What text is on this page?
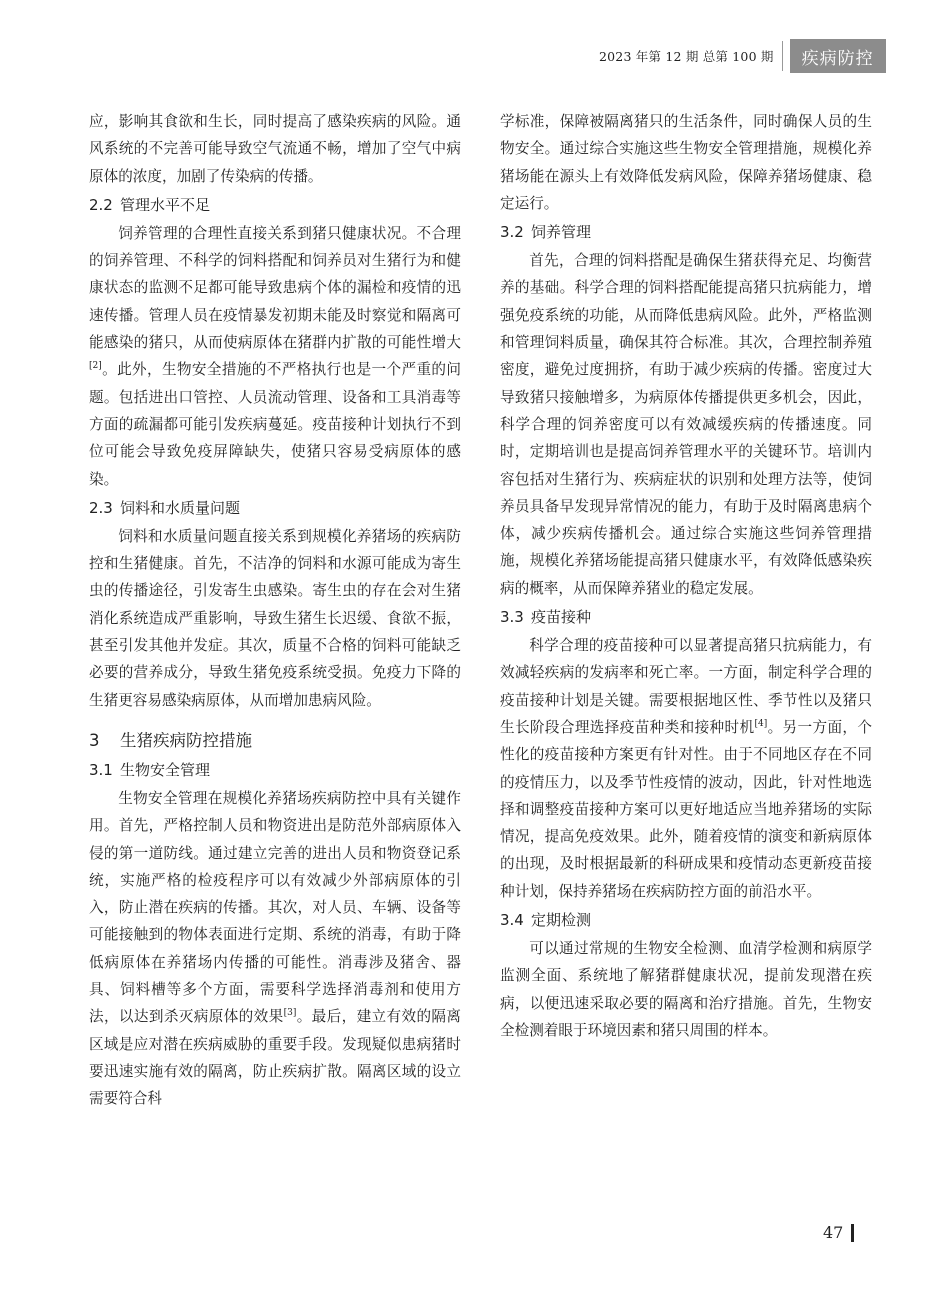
2023 年第 12 期 总第 100 期	疾病防控

应，影响其食欲和生长，同时提高了感染疾病的风险。通风系统的不完善可能导致空气流通不畅，增加了空气中病原体的浓度，加剧了传染病的传播。

2.2 管理水平不足

饲养管理的合理性直接关系到猪只健康状况。不合理的饲养管理、不科学的饲料搭配和饲养员对生猪行为和健康状态的监测不足都可能导致患病个体的漏检和疫情的迅速传播。管理人员在疫情暴发初期未能及时察觉和隔离可能感染的猪只，从而使病原体在猪群内扩散的可能性增大[2]。此外，生物安全措施的不严格执行也是一个严重的问题。包括进出口管控、人员流动管理、设备和工具消毒等方面的疏漏都可能引发疾病蔓延。疫苗接种计划执行不到位可能会导致免疫屏障缺失，使猪只容易受病原体的感染。

2.3 饲料和水质量问题

饲料和水质量问题直接关系到规模化养猪场的疾病防控和生猪健康。首先，不洁净的饲料和水源可能成为寄生虫的传播途径，引发寄生虫感染。寄生虫的存在会对生猪消化系统造成严重影响，导致生猪生长迟缓、食欲不振，甚至引发其他并发症。其次，质量不合格的饲料可能缺乏必要的营养成分，导致生猪免疫系统受损。免疫力下降的生猪更容易感染病原体，从而增加患病风险。

3 生猪疾病防控措施
3.1 生物安全管理

生物安全管理在规模化养猪场疾病防控中具有关键作用。首先，严格控制人员和物资进出是防范外部病原体入侵的第一道防线。通过建立完善的进出人员和物资登记系统，实施严格的检疫程序可以有效减少外部病原体的引入，防止潜在疾病的传播。其次，对人员、车辆、设备等可能接触到的物体表面进行定期、系统的消毒，有助于降低病原体在养猪场内传播的可能性。消毒涉及猪舍、器具、饲料槽等多个方面，需要科学选择消毒剂和使用方法，以达到杀灭病原体的效果[3]。最后，建立有效的隔离区域是应对潜在疾病威胁的重要手段。发现疑似患病猪时要迅速实施有效的隔离，防止疾病扩散。隔离区域的设立需要符合科

学标准，保障被隔离猪只的生活条件，同时确保人员的生物安全。通过综合实施这些生物安全管理措施，规模化养猪场能在源头上有效降低发病风险，保障养猪场健康、稳定运行。

3.2 饲养管理

首先，合理的饲料搭配是确保生猪获得充足、均衡营养的基础。科学合理的饲料搭配能提高猪只抗病能力，增强免疫系统的功能，从而降低患病风险。此外，严格监测和管理饲料质量，确保其符合标准。其次，合理控制养殖密度，避免过度拥挤，有助于减少疾病的传播。密度过大导致猪只接触增多，为病原体传播提供更多机会，因此，科学合理的饲养密度可以有效减缓疾病的传播速度。同时，定期培训也是提高饲养管理水平的关键环节。培训内容包括对生猪行为、疾病症状的识别和处理方法等，使饲养员具备早发现异常情况的能力，有助于及时隔离患病个体，减少疾病传播机会。通过综合实施这些饲养管理措施，规模化养猪场能提高猪只健康水平，有效降低感染疾病的概率，从而保障养猪业的稳定发展。

3.3 疫苗接种

科学合理的疫苗接种可以显著提高猪只抗病能力，有效减轻疾病的发病率和死亡率。一方面，制定科学合理的疫苗接种计划是关键。需要根据地区性、季节性以及猪只生长阶段合理选择疫苗种类和接种时机[4]。另一方面，个性化的疫苗接种方案更有针对性。由于不同地区存在不同的疫情压力，以及季节性疫情的波动，因此，针对性地选择和调整疫苗接种方案可以更好地适应当地养猪场的实际情况，提高免疫效果。此外，随着疫情的演变和新病原体的出现，及时根据最新的科研成果和疫情动态更新疫苗接种计划，保持养猪场在疾病防控方面的前沿水平。

3.4 定期检测

可以通过常规的生物安全检测、血清学检测和病原学监测全面、系统地了解猪群健康状况，提前发现潜在疾病，以便迅速采取必要的隔离和治疗措施。首先，生物安全检测着眼于环境因素和猪只周围的样本。

47
